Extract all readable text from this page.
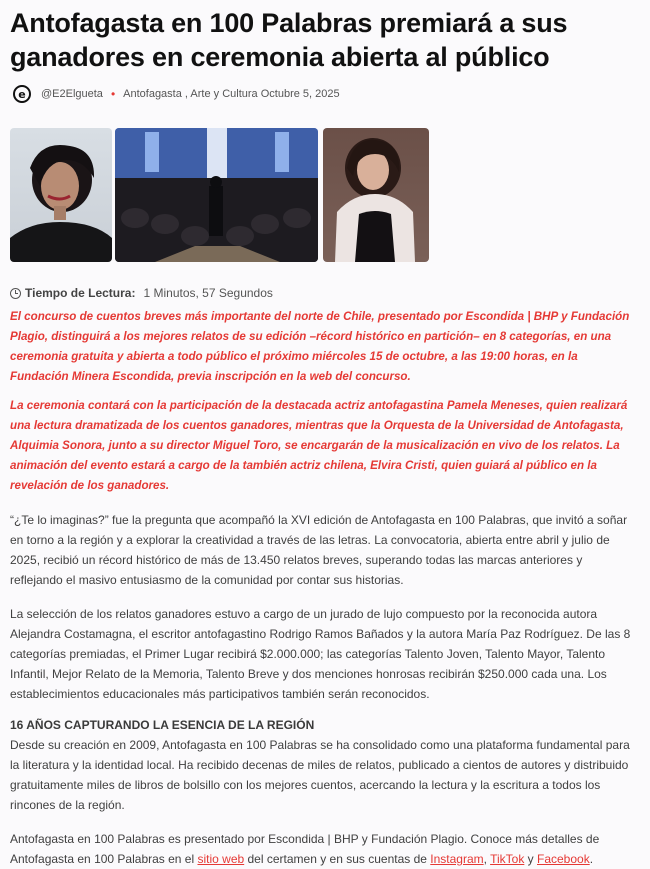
Antofagasta en 100 Palabras premiará a sus ganadores en ceremonia abierta al público
e	@E2Elgueta • Antofagasta , Arte y Cultura Octubre 5, 2025
Tiempo de Lectura: 1 Minutos, 57 Segundos

El concurso de cuentos breves más importante del norte de Chile, presentado por Escondida | BHP y Fundación Plagio, distinguirá a los mejores relatos de su edición –récord histórico en partición– en 8 categorías, en una ceremonia gratuita y abierta a todo público el próximo miércoles 15 de octubre, a las 19:00 horas, en la Fundación Minera Escondida, previa inscripción en la web del concurso.

La ceremonia contará con la participación de la destacada actriz antofagastina Pamela Meneses, quien realizará una lectura dramatizada de los cuentos ganadores, mientras que la Orquesta de la Universidad de Antofagasta, Alquimia Sonora, junto a su director Miguel Toro, se encargarán de la musicalización en vivo de los relatos. La animación del evento estará a cargo de la también actriz chilena, Elvira Cristi, quien guiará al público en la revelación de los ganadores.

“¿Te lo imaginas?” fue la pregunta que acompañó la XVI edición de Antofagasta en 100 Palabras, que invitó a soñar en torno a la región y a explorar la creatividad a través de las letras. La convocatoria, abierta entre abril y julio de 2025, recibió un récord histórico de más de 13.450 relatos breves, superando todas las marcas anteriores y reflejando el masivo entusiasmo de la comunidad por contar sus historias.

La selección de los relatos ganadores estuvo a cargo de un jurado de lujo compuesto por la reconocida autora Alejandra Costamagna, el escritor antofagastino Rodrigo Ramos Bañados y la autora María Paz Rodríguez. De las 8 categorías premiadas, el Primer Lugar recibirá $2.000.000; las categorías Talento Joven, Talento Mayor, Talento Infantil, Mejor Relato de la Memoria, Talento Breve y dos menciones honrosas recibirán $250.000 cada una. Los establecimientos educacionales más participativos también serán reconocidos.

16 AÑOS CAPTURANDO LA ESENCIA DE LA REGIÓN

Desde su creación en 2009, Antofagasta en 100 Palabras se ha consolidado como una plataforma fundamental para la literatura y la identidad local. Ha recibido decenas de miles de relatos, publicado a cientos de autores y distribuido gratuitamente miles de libros de bolsillo con los mejores cuentos, acercando la lectura y la escritura a todos los rincones de la región.

Antofagasta en 100 Palabras es presentado por Escondida | BHP y Fundación Plagio. Conoce más detalles de Antofagasta en 100 Palabras en el sitio web del certamen y en sus cuentas de Instagram, TikTok y Facebook.
